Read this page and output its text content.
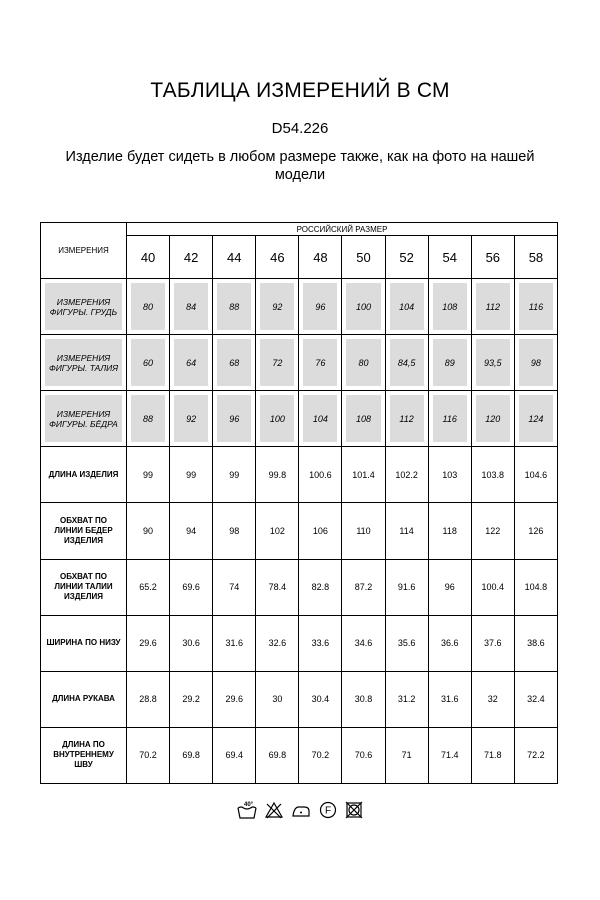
ТАБЛИЦА ИЗМЕРЕНИЙ В СМ
D54.226
Изделие будет сидеть в любом размере также, как на фото на нашей модели
ИЗМЕРЕНИЯ	РОССИЙСКИЙ РАЗМЕР									
	40	42	44	46	48	50	52	54	56	58

ИЗМЕРЕНИЯ ФИГУРЫ. ГРУДЬ	80	84	88	92	96	100	104	108	112	116

ИЗМЕРЕНИЯ ФИГУРЫ. ТАЛИЯ	60	64	68	72	76	80	84,5	89	93,5	98

ИЗМЕРЕНИЯ ФИГУРЫ. БЁДРА	88	92	96	100	104	108	112	116	120	124

ДЛИНА ИЗДЕЛИЯ	99	99	99	99.8	100.6	101.4	102.2	103	103.8	104.6

ОБХВАТ ПО ЛИНИИ БЕДЕР ИЗДЕЛИЯ	90	94	98	102	106	110	114	118	122	126

ОБХВАТ ПО ЛИНИИ ТАЛИИ ИЗДЕЛИЯ	65.2	69.6	74	78.4	82.8	87.2	91.6	96	100.4	104.8

ШИРИНА ПО НИЗУ	29.6	30.6	31.6	32.6	33.6	34.6	35.6	36.6	37.6	38.6

ДЛИНА РУКАВА	28.8	29.2	29.6	30	30.4	30.8	31.2	31.6	32	32.4

ДЛИНА ПО ВНУТРЕННЕМУ ШВУ	70.2	69.8	69.4	69.8	70.2	70.6	71	71.4	71.8	72.2
40°
F
